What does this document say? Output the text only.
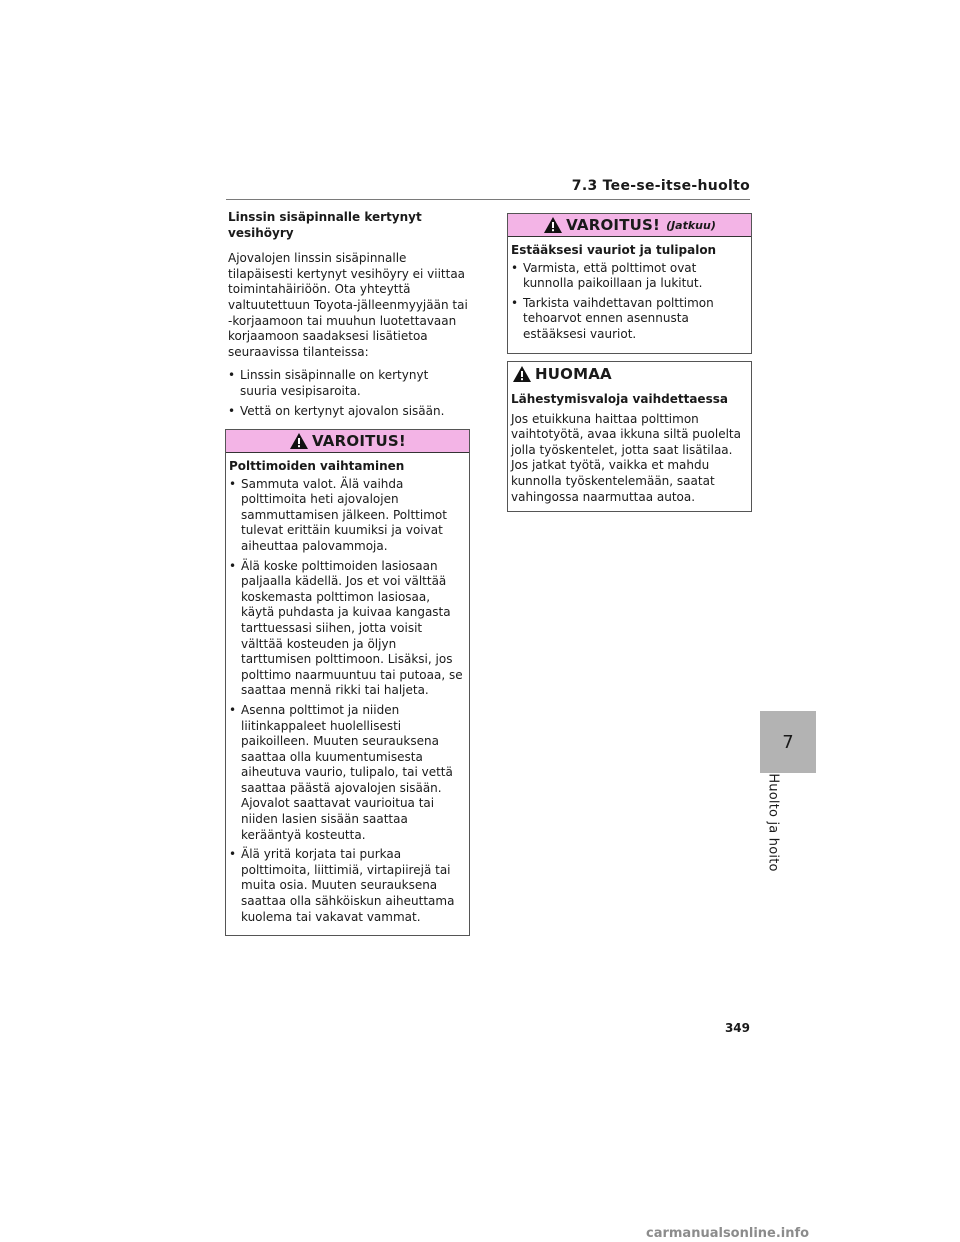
7.3 Tee-se-itse-huolto
Linssin sisäpinnalle kertynyt
vesihöyry

Ajovalojen linssin sisäpinnalle tilapäisesti kertynyt vesihöyry ei viittaa toimintahäiriöön. Ota yhteyttä valtuutettuun Toyota-jälleenmyyjään tai -korjaamoon tai muuhun luotettavaan korjaamoon saadaksesi lisätietoa seuraavissa tilanteissa:

• Linssin sisäpinnalle on kertynyt suuria vesipisaroita.
• Vettä on kertynyt ajovalon sisään.
VAROITUS!
Polttimoiden vaihtaminen
• Sammuta valot. Älä vaihda polttimoita heti ajovalojen sammuttamisen jälkeen. Polttimot tulevat erittäin kuumiksi ja voivat aiheuttaa palovammoja.
• Älä koske polttimoiden lasiosaan paljaalla kädellä. Jos et voi välttää koskemasta polttimon lasiosaa, käytä puhdasta ja kuivaa kangasta tarttuessasi siihen, jotta voisit välttää kosteuden ja öljyn tarttumisen polttimoon. Lisäksi, jos polttimo naarmuuntuu tai putoaa, se saattaa mennä rikki tai haljeta.
• Asenna polttimot ja niiden liitinkappaleet huolellisesti paikoilleen. Muuten seurauksena saattaa olla kuumentumisesta aiheutuva vaurio, tulipalo, tai vettä saattaa päästä ajovalojen sisään. Ajovalot saattavat vaurioitua tai niiden lasien sisään saattaa kerääntyä kosteutta.
• Älä yritä korjata tai purkaa polttimoita, liittimiä, virtapiirejä tai muita osia. Muuten seurauksena saattaa olla sähköiskun aiheuttama kuolema tai vakavat vammat.
VAROITUS! (Jatkuu)
Estääksesi vauriot ja tulipalon
• Varmista, että polttimot ovat kunnolla paikoillaan ja lukitut.
• Tarkista vaihdettavan polttimon tehoarvot ennen asennusta estääksesi vauriot.
HUOMAA
Lähestymisvaloja vaihdettaessa
Jos etuikkuna haittaa polttimon vaihtotyötä, avaa ikkuna siltä puolelta jolla työskentelet, jotta saat lisätilaa. Jos jatkat työtä, vaikka et mahdu kunnolla työskentelemään, saatat vahingossa naarmuttaa autoa.
7
Huolto ja hoito
349
carmanualsonline.info
